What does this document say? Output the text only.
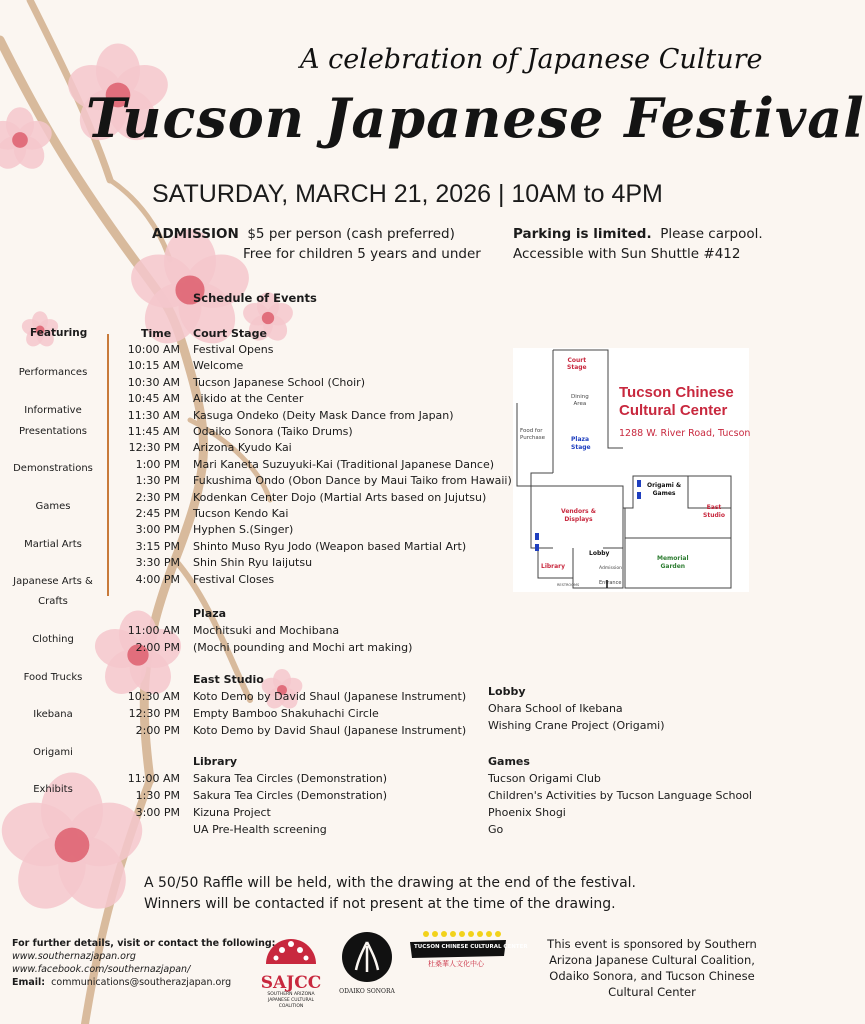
A celebration of Japanese Culture
Tucson Japanese Festival
SATURDAY, MARCH 21, 2026 | 10AM to 4PM
ADMISSION $5 per person (cash preferred)
Free for children 5 years and under
Parking is limited. Please carpool.
Accessible with Sun Shuttle #412
Schedule of Events
Featuring
Performances
Informative
Presentations
Demonstrations
Games
Martial Arts
Japanese Arts &
Crafts
Clothing
Food Trucks
Ikebana
Origami
Exhibits
Time Court Stage
10:00 AM Festival Opens
10:15 AM Welcome
10:30 AM Tucson Japanese School (Choir)
10:45 AM Aikido at the Center
11:30 AM Kasuga Ondeko (Deity Mask Dance from Japan)
11:45 AM Odaiko Sonora (Taiko Drums)
12:30 PM Arizona Kyudo Kai
1:00 PM Mari Kaneta Suzuyuki-Kai (Traditional Japanese Dance)
1:30 PM Fukushima Ondo (Obon Dance by Maui Taiko from Hawaii)
2:30 PM Kodenkan Center Dojo (Martial Arts based on Jujutsu)
2:45 PM Tucson Kendo Kai
3:00 PM Hyphen S.(Singer)
3:15 PM Shinto Muso Ryu Jodo (Weapon based Martial Art)
3:30 PM Shin Shin Ryu Iaijutsu
4:00 PM Festival Closes
Plaza
11:00 AM Mochitsuki and Mochibana
2:00 PM (Mochi pounding and Mochi art making)
East Studio
10:30 AM Koto Demo by David Shaul (Japanese Instrument)
12:30 PM Empty Bamboo Shakuhachi Circle
2:00 PM Koto Demo by David Shaul (Japanese Instrument)
Library
11:00 AM Sakura Tea Circles (Demonstration)
1:30 PM Sakura Tea Circles (Demonstration)
3:00 PM Kizuna Project
UA Pre-Health screening
Lobby
Ohara School of Ikebana
Wishing Crane Project (Origami)
Games
Tucson Origami Club
Children's Activities by Tucson Language School
Phoenix Shogi
Go
Tucson Chinese
Cultural Center
1288 W. River Road, Tucson
Court
Stage
Dining
Area
Food for
Purchase	Plaza
Stage
Origami &
Games
East
Studio
Vendors &
Displays
Memorial
Garden
Lobby
Library	Admission
Entrance
RESTROOMS
A 50/50 Raffle will be held, with the drawing at the end of the festival.
Winners will be contacted if not present at the time of the drawing.
For further details, visit or contact the following:
www.southernazjapan.org
www.facebook.com/southernazjapan/
Email: communications@southerazjapan.org	SAJCC
SOUTHERN ARIZONA
JAPANESE CULTURAL
COALITION
ODAIKO SONORA
TUCSON CHINESE CULTURAL CENTER
杜桑華人文化中心
This event is sponsored by Southern Arizona Japanese Cultural Coalition, Odaiko Sonora, and Tucson Chinese Cultural Center
